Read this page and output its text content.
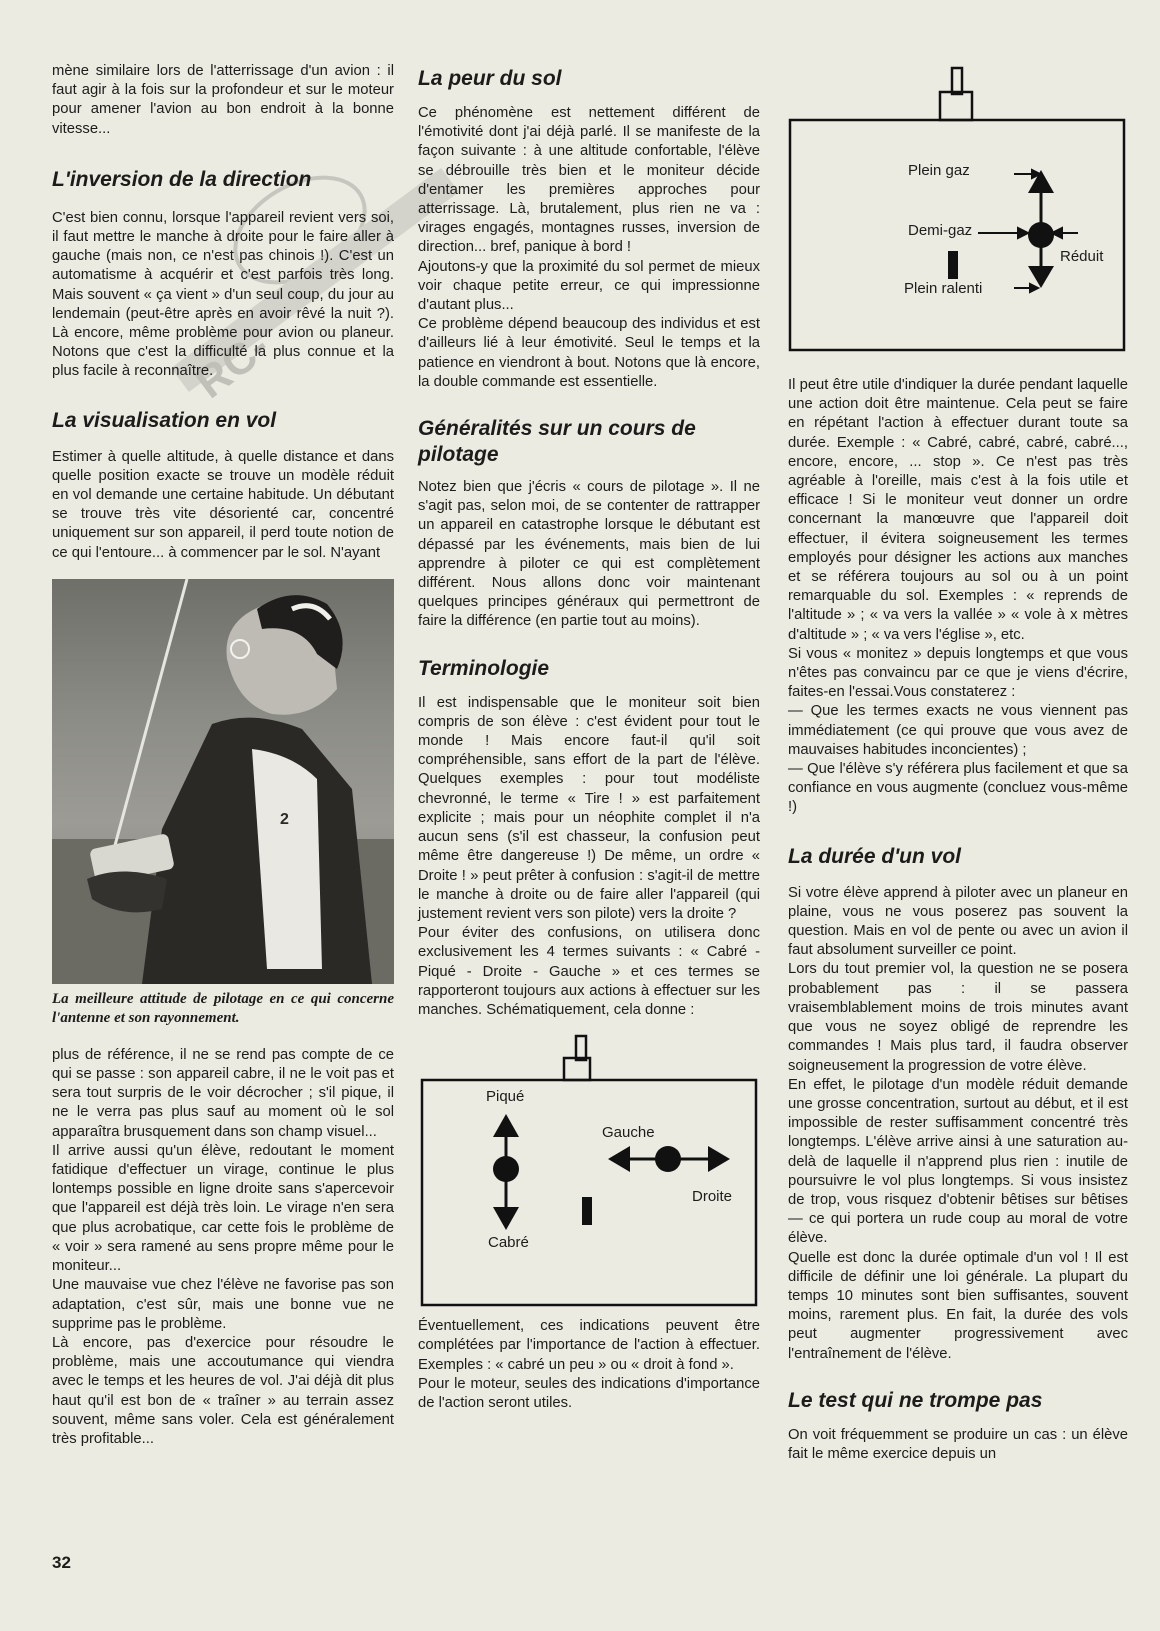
RC-

mène similaire lors de l'atterrissage d'un avion : il faut agir à la fois sur la profondeur et sur le moteur pour amener l'avion au bon endroit à la bonne vitesse...

L'inversion de la direction

C'est bien connu, lorsque l'appareil revient vers soi, il faut mettre le manche à droite pour le faire aller à gauche (mais non, ce n'est pas chinois !). C'est un automatisme à acquérir et c'est parfois très long. Mais souvent « ça vient » d'un seul coup, du jour au lendemain (peut-être après en avoir rêvé la nuit ?). Là encore, même problème pour avion ou planeur. Notons que c'est la difficulté la plus connue et la plus facile à reconnaître.

La visualisation en vol

Estimer à quelle altitude, à quelle distance et dans quelle position exacte se trouve un modèle réduit en vol demande une certaine habitude. Un débutant se trouve très vite désorienté car, concentré uniquement sur son appareil, il perd toute notion de ce qui l'entoure... à commencer par le sol. N'ayant

2
La meilleure attitude de pilotage en ce qui concerne l'antenne et son rayonnement.

plus de référence, il ne se rend pas compte de ce qui se passe : son appareil cabre, il ne le voit pas et sera tout surpris de le voir décrocher ; s'il pique, il ne le verra pas plus sauf au moment où le sol apparaîtra brusquement dans son champ visuel...

Il arrive aussi qu'un élève, redoutant le moment fatidique d'effectuer un virage, continue le plus lontemps possible en ligne droite sans s'apercevoir que l'appareil est déjà très loin. Le virage n'en sera que plus acrobatique, car cette fois le problème de « voir » sera ramené au sens propre même pour le moniteur...

Une mauvaise vue chez l'élève ne favorise pas son adaptation, c'est sûr, mais une bonne vue ne supprime pas le problème.

Là encore, pas d'exercice pour résoudre le problème, mais une accoutumance qui viendra avec le temps et les heures de vol. J'ai déjà dit plus haut qu'il est bon de « traîner » au terrain assez souvent, même sans voler. Cela est généralement très profitable...

La peur du sol

Ce phénomène est nettement différent de l'émotivité dont j'ai déjà parlé. Il se manifeste de la façon suivante : à une altitude confortable, l'élève se débrouille très bien et le moniteur décide d'entamer les premières approches pour atterrissage. Là, brutalement, plus rien ne va : virages engagés, montagnes russes, inversion de direction... bref, panique à bord !

Ajoutons-y que la proximité du sol permet de mieux voir chaque petite erreur, ce qui impressionne d'autant plus...

Ce problème dépend beaucoup des individus et est d'ailleurs lié à leur émotivité. Seul le temps et la patience en viendront à bout. Notons que là encore, la double commande est essentielle.

Généralités sur un cours de pilotage

Notez bien que j'écris « cours de pilotage ». Il ne s'agit pas, selon moi, de se contenter de rattrapper un appareil en catastrophe lorsque le débutant est dépassé par les événements, mais bien de lui apprendre à piloter ce qui est complètement différent. Nous allons donc voir maintenant quelques principes généraux qui permettront de faire la différence (en partie tout au moins).

Terminologie

Il est indispensable que le moniteur soit bien compris de son élève : c'est évident pour tout le monde ! Mais encore faut-il qu'il soit compréhensible, sans effort de la part de l'élève. Quelques exemples : pour tout modéliste chevronné, le terme « Tire ! » est parfaitement explicite ; mais pour un néophite complet il n'a aucun sens (s'il est chasseur, la confusion peut même être dangereuse !) De même, un ordre « Droite ! » peut prêter à confusion : s'agit-il de mettre le manche à droite ou de faire aller l'appareil (qui justement revient vers son pilote) vers la droite ?

Pour éviter des confusions, on utilisera donc exclusivement les 4 termes suivants : « Cabré - Piqué - Droite - Gauche » et ces termes se rapporteront toujours aux actions à effectuer sur les manches. Schématiquement, cela donne :

Piqué
Cabré
Gauche
Droite

Éventuellement, ces indications peuvent être complétées par l'importance de l'action à effectuer. Exemples : « cabré un peu » ou « droit à fond ».

Pour le moteur, seules des indications d'importance de l'action seront utiles.

Plein gaz
Demi-gaz
Réduit
Plein ralenti

Il peut être utile d'indiquer la durée pendant laquelle une action doit être maintenue. Cela peut se faire en répétant l'action à effectuer durant toute sa durée. Exemple : « Cabré, cabré, cabré, cabré..., encore, encore, ... stop ». Ce n'est pas très agréable à l'oreille, mais c'est à la fois utile et efficace ! Si le moniteur veut donner un ordre concernant la manœuvre que l'appareil doit effectuer, il évitera soigneusement les termes employés pour désigner les actions aux manches et se référera toujours au sol ou à un point remarquable du sol. Exemples : « reprends de l'altitude » ; « va vers la vallée » « vole à x mètres d'altitude » ; « va vers l'église », etc.

Si vous « monitez » depuis longtemps et que vous n'êtes pas convaincu par ce que je viens d'écrire, faites-en l'essai.Vous constaterez :

— Que les termes exacts ne vous viennent pas immédiatement (ce qui prouve que vous avez de mauvaises habitudes inconcientes) ;

— Que l'élève s'y référera plus facilement et que sa confiance en vous augmente (concluez vous-même !)

La durée d'un vol

Si votre élève apprend à piloter avec un planeur en plaine, vous ne vous poserez pas souvent la question. Mais en vol de pente ou avec un avion il faut absolument surveiller ce point.

Lors du tout premier vol, la question ne se posera probablement pas : il se passera vraisemblablement moins de trois minutes avant que vous ne soyez obligé de reprendre les commandes ! Mais plus tard, il faudra observer soigneusement la progression de votre élève.

En effet, le pilotage d'un modèle réduit demande une grosse concentration, surtout au début, et il est impossible de rester suffisamment concentré très longtemps. L'élève arrive ainsi à une saturation au-delà de laquelle il n'apprend plus rien : inutile de poursuivre le vol plus longtemps. Si vous insistez de trop, vous risquez d'obtenir bêtises sur bêtises — ce qui portera un rude coup au moral de votre élève.

Quelle est donc la durée optimale d'un vol ! Il est difficile de définir une loi générale. La plupart du temps 10 minutes sont bien suffisantes, souvent moins, rarement plus. En fait, la durée des vols peut augmenter progressivement avec l'entraînement de l'élève.

Le test qui ne trompe pas

On voit fréquemment se produire un cas : un élève fait le même exercice depuis un

32
